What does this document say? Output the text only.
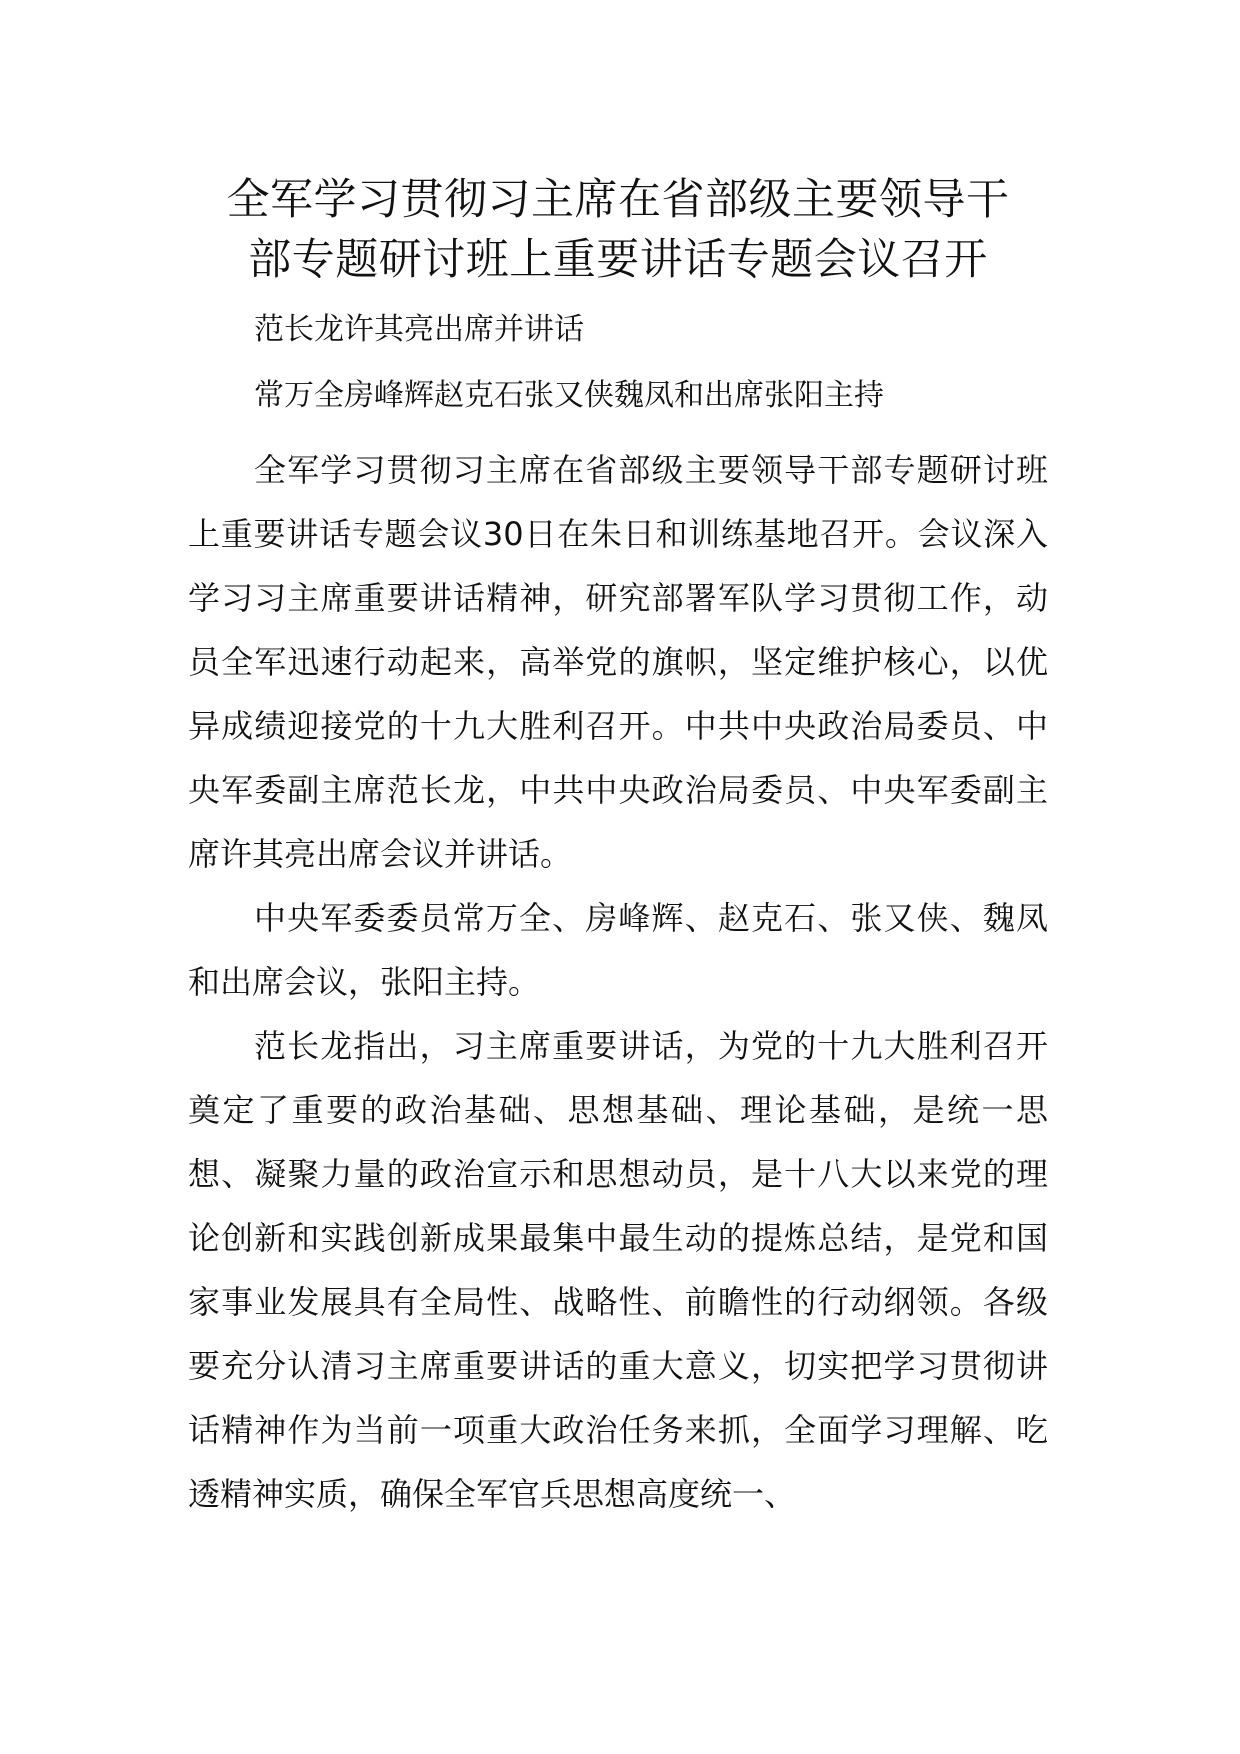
全军学习贯彻习主席在省部级主要领导干
部专题研讨班上重要讲话专题会议召开

范长龙许其亮出席并讲话

常万全房峰辉赵克石张又侠魏凤和出席张阳主持

全军学习贯彻习主席在省部级主要领导干部专题研讨班上重要讲话专题会议30日在朱日和训练基地召开。会议深入学习习主席重要讲话精神，研究部署军队学习贯彻工作，动员全军迅速行动起来，高举党的旗帜，坚定维护核心，以优异成绩迎接党的十九大胜利召开。中共中央政治局委员、中央军委副主席范长龙，中共中央政治局委员、中央军委副主席许其亮出席会议并讲话。

中央军委委员常万全、房峰辉、赵克石、张又侠、魏凤和出席会议，张阳主持。

范长龙指出，习主席重要讲话，为党的十九大胜利召开奠定了重要的政治基础、思想基础、理论基础，是统一思想、凝聚力量的政治宣示和思想动员，是十八大以来党的理论创新和实践创新成果最集中最生动的提炼总结，是党和国家事业发展具有全局性、战略性、前瞻性的行动纲领。各级要充分认清习主席重要讲话的重大意义，切实把学习贯彻讲话精神作为当前一项重大政治任务来抓，全面学习理解、吃透精神实质，确保全军官兵思想高度统一、
